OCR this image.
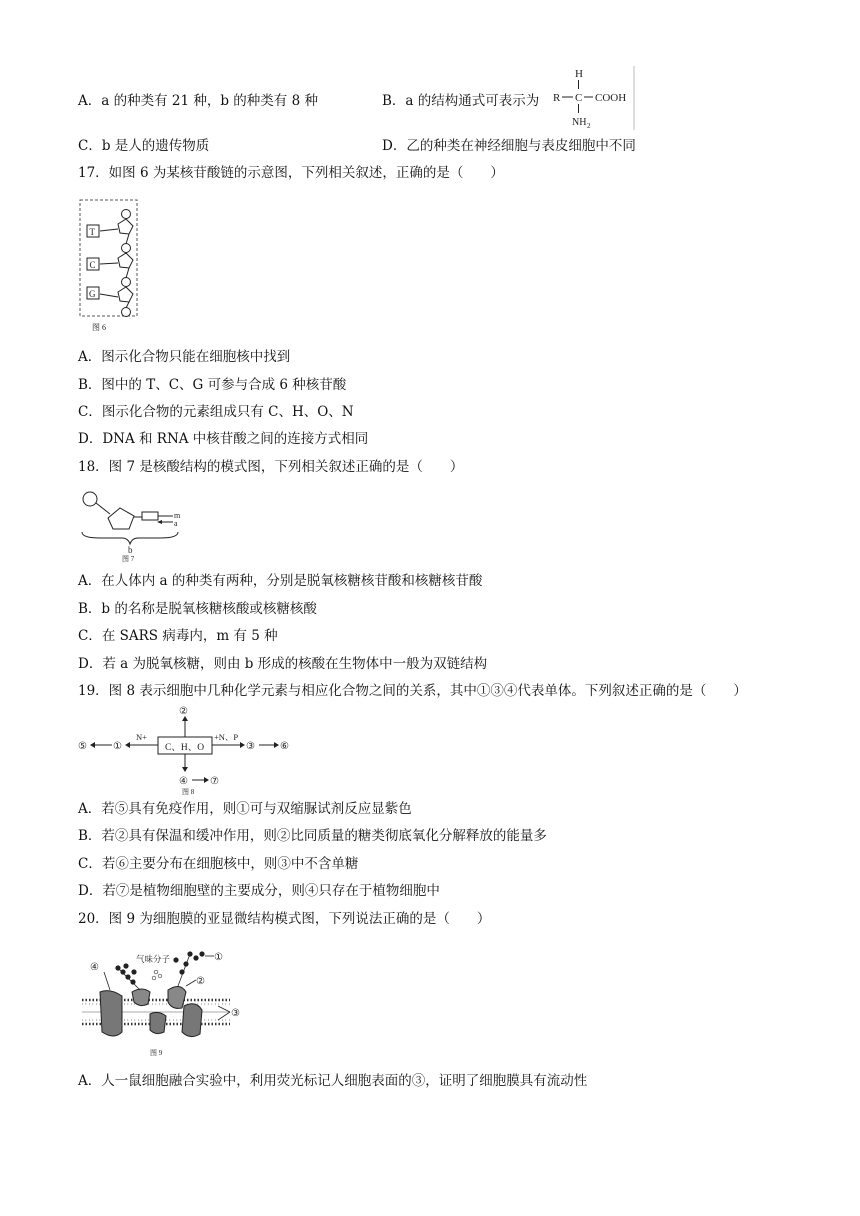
A．a 的种类有 21 种，b 的种类有 8 种	B．a 的结构通式可表示为
H
R C COOH
NH 2
C．b 是人的遗传物质	D．乙的种类在神经细胞与表皮细胞中不同
17．如图 6 为某核苷酸链的示意图，下列相关叙述，正确的是（　　）
T
C
G
图 6
A．图示化合物只能在细胞核中找到
B．图中的 T、C、G 可参与合成 6 种核苷酸
C．图示化合物的元素组成只有 C、H、O、N
D．DNA 和 RNA 中核苷酸之间的连接方式相同
18．图 7 是核酸结构的模式图，下列相关叙述正确的是（　　）
m
a
b
图 7
A．在人体内 a 的种类有两种，分别是脱氧核糖核苷酸和核糖核苷酸
B．b 的名称是脱氧核糖核酸或核糖核酸
C．在 SARS 病毒内，m 有 5 种
D．若 a 为脱氧核糖，则由 b 形成的核酸在生物体中一般为双链结构
19．图 8 表示细胞中几种化学元素与相应化合物之间的关系，其中①③④代表单体。下列叙述正确的是（　　）
C、H、O
②
④ ⑦
N+
①
⑤
+N、P
③	⑥
图 8
A．若⑤具有免疫作用，则①可与双缩脲试剂反应显紫色
B．若②具有保温和缓冲作用，则②比同质量的糖类彻底氧化分解释放的能量多
C．若⑥主要分布在细胞核中，则③中不含单糖
D．若⑦是植物细胞壁的主要成分，则④只存在于植物细胞中
20．图 9 为细胞膜的亚显微结构模式图，下列说法正确的是（　　）
①
气味分子
②
④
③
图 9
A．人一鼠细胞融合实验中，利用荧光标记人细胞表面的③，证明了细胞膜具有流动性
